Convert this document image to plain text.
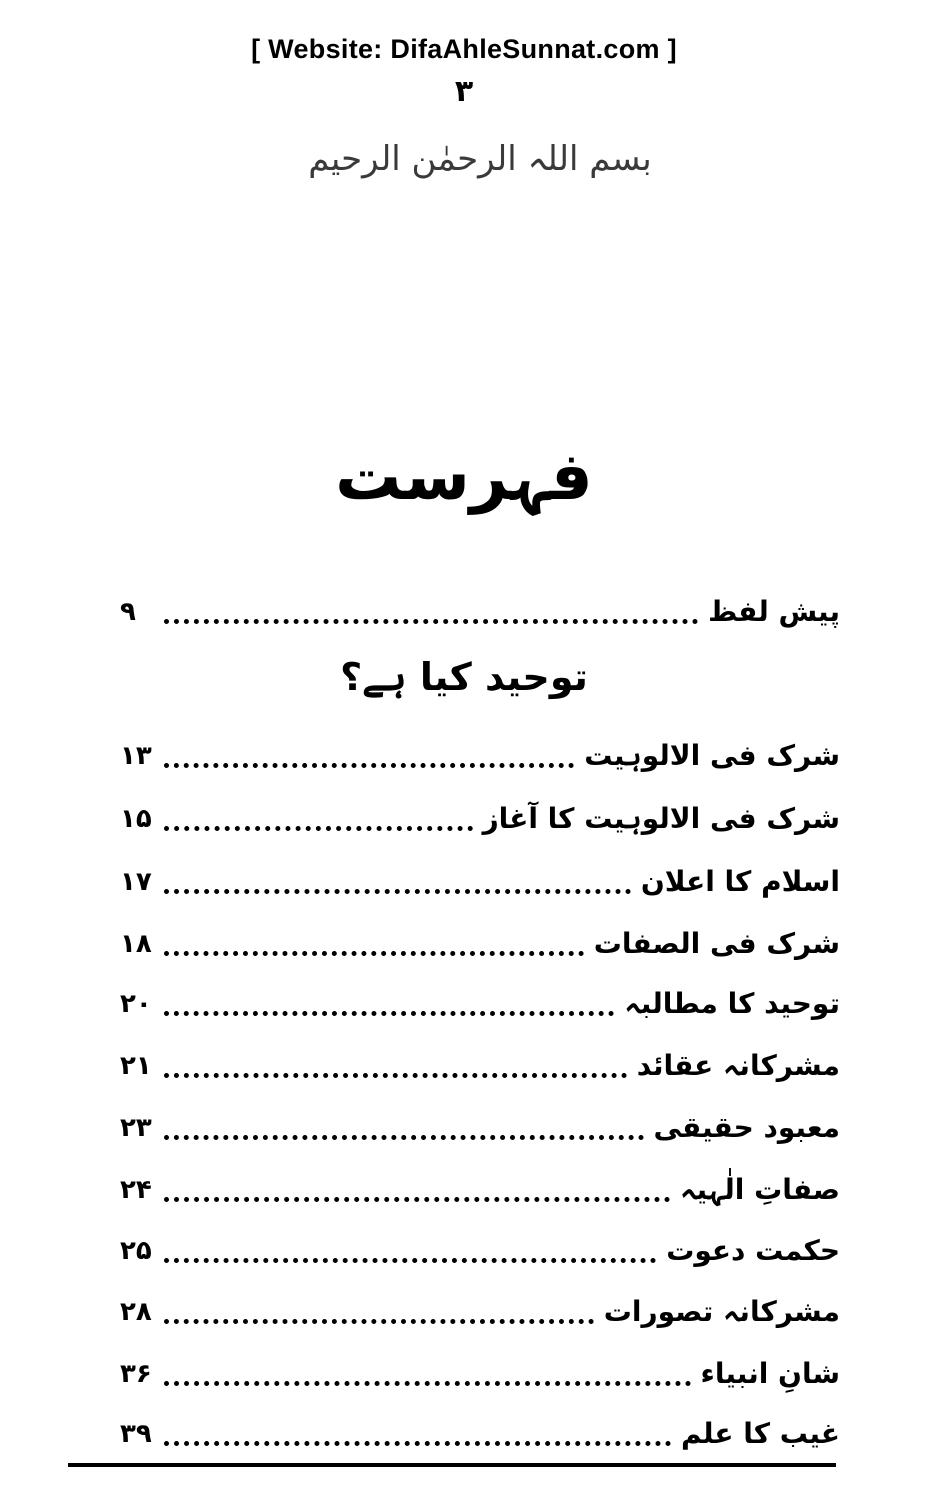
[ Website: DifaAhleSunnat.com ]
۳
بسم اللہ الرحمٰن الرحیم
فہرست
پیش لفظ
۹
توحید کیا ہے؟
شرک فی الالوہیت
۱۳
شرک فی الالوہیت کا آغاز
۱۵
اسلام کا اعلان
۱۷
شرک فی الصفات
۱۸
توحید کا مطالبہ
۲۰
مشرکانہ عقائد
۲۱
معبود حقیقی
۲۳
صفاتِ الٰہیہ
۲۴
حکمت دعوت
۲۵
مشرکانہ تصورات
۲۸
شانِ انبیاء
۳۶
غیب کا علم
۳۹
